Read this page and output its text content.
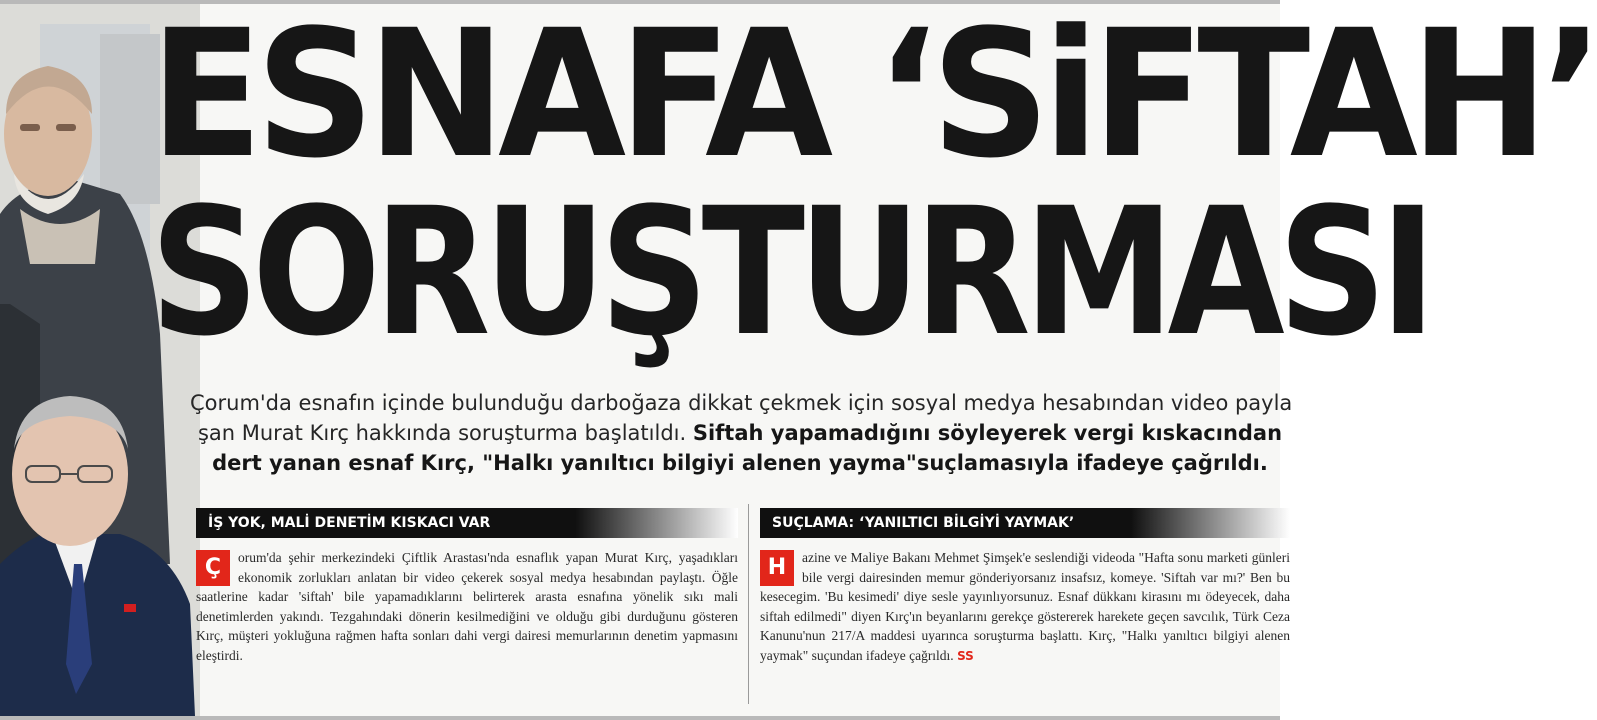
ESNAFA ‘SiFTAH’
SORUŞTURMASI
Çorum'da esnafın içinde bulunduğu darboğaza dikkat çekmek için sosyal medya hesabından video payla
şan Murat Kırç hakkında soruşturma başlatıldı. Siftah yapamadığını söyleyerek vergi kıskacından
dert yanan esnaf Kırç, "Halkı yanıltıcı bilgiyi alenen yayma"suçlamasıyla ifadeye çağrıldı.
İŞ YOK, MALİ DENETİM KISKACI VAR
Ç	orum'da şehir merkezindeki Çiftlik Arastası'nda esnaflık yapan Murat Kırç, yaşadıkları ekonomik zorlukları anlatan bir video çekerek sosyal medya hesabından paylaştı. Öğle saatlerine kadar 'siftah' bile yapamadıklarını belirterek arasta esnafına yönelik sıkı mali denetimlerden yakındı. Tezgahındaki dönerin kesilmediğini ve olduğu gibi durduğunu gösteren Kırç, müşteri yokluğuna rağmen hafta sonları dahi vergi dairesi memurlarının denetim yapmasını eleştirdi.
SUÇLAMA: ‘YANILTICI BİLGİYİ YAYMAK’
H	azine ve Maliye Bakanı Mehmet Şimşek'e seslendiği videoda "Hafta sonu marketi günleri bile vergi dairesinden memur gönderiyorsanız insafsız, komeye. 'Siftah var mı?' Ben bu kesecegim. 'Bu kesimedi' diye sesle yayınlıyorsunuz. Esnaf dükkanı kirasını mı ödeyecek, daha siftah edilmedi" diyen Kırç'ın beyanlarını gerekçe göstererek harekete geçen savcılık, Türk Ceza Kanunu'nun 217/A maddesi uyarınca soruşturma başlattı. Kırç, "Halkı yanıltıcı bilgiyi alenen yaymak" suçundan ifadeye çağrıldı. SS
